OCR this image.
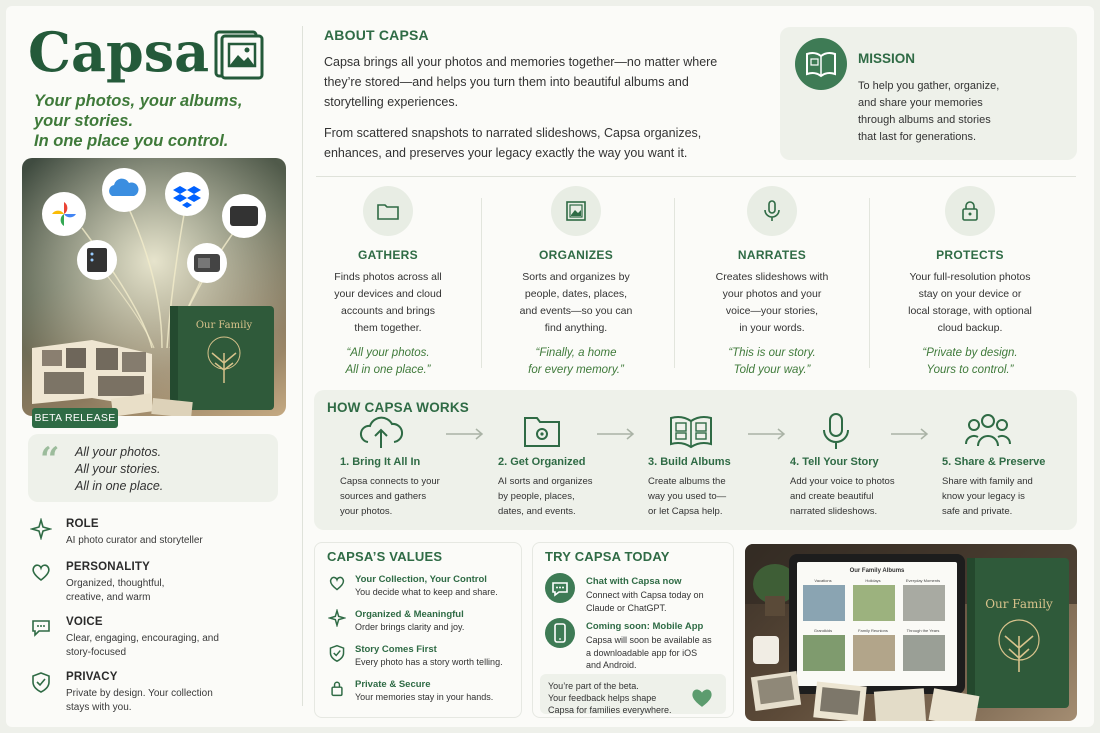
Capsa
Your photos, your albums,
your stories.
In one place you control.
Our Family
BETA RELEASE
“ All your photos.
All your stories.
All in one place.
ROLE
AI photo curator and storyteller
PERSONALITY
Organized, thoughtful, creative, and warm
VOICE
Clear, engaging, encouraging, and story-focused
PRIVACY
Private by design. Your collection stays with you.
ABOUT CAPSA
Capsa brings all your photos and memories together—no matter where
they’re stored—and helps you turn them into beautiful albums and
storytelling experiences.
From scattered snapshots to narrated slideshows, Capsa organizes,
enhances, and preserves your legacy exactly the way you want it.
MISSION
To help you gather, organize,
and share your memories
through albums and stories
that last for generations.
GATHERS
Finds photos across all
your devices and cloud
accounts and brings
them together.
“All your photos.
All in one place.”
ORGANIZES
Sorts and organizes by
people, dates, places,
and events—so you can
find anything.
“Finally, a home
for every memory.”
NARRATES
Creates slideshows with
your photos and your
voice—your stories,
in your words.
“This is our story.
Told your way.”
PROTECTS
Your full-resolution photos
stay on your device or
local storage, with optional
cloud backup.
“Private by design.
Yours to control.”
HOW CAPSA WORKS
1. Bring It All In
Capsa connects to your
sources and gathers
your photos.
2. Get Organized
AI sorts and organizes
by people, places,
dates, and events.
3. Build Albums
Create albums the
way you used to—
or let Capsa help.
4. Tell Your Story
Add your voice to photos
and create beautiful
narrated slideshows.
5. Share & Preserve
Share with family and
know your legacy is
safe and private.
CAPSA’S VALUES
Your Collection, Your Control
You decide what to keep and share.
Organized & Meaningful
Order brings clarity and joy.
Story Comes First
Every photo has a story worth telling.
Private & Secure
Your memories stay in your hands.
TRY CAPSA TODAY
Chat with Capsa now
Connect with Capsa today on
Claude or ChatGPT.
Coming soon: Mobile App
Capsa will soon be available as
a downloadable app for iOS
and Android.
You’re part of the beta.
Your feedback helps shape
Capsa for families everywhere.
Our Family Albums
Vacations	Holidays	Everyday Moments
Grandkids	Family Reunions	Through the Years
Our Family
